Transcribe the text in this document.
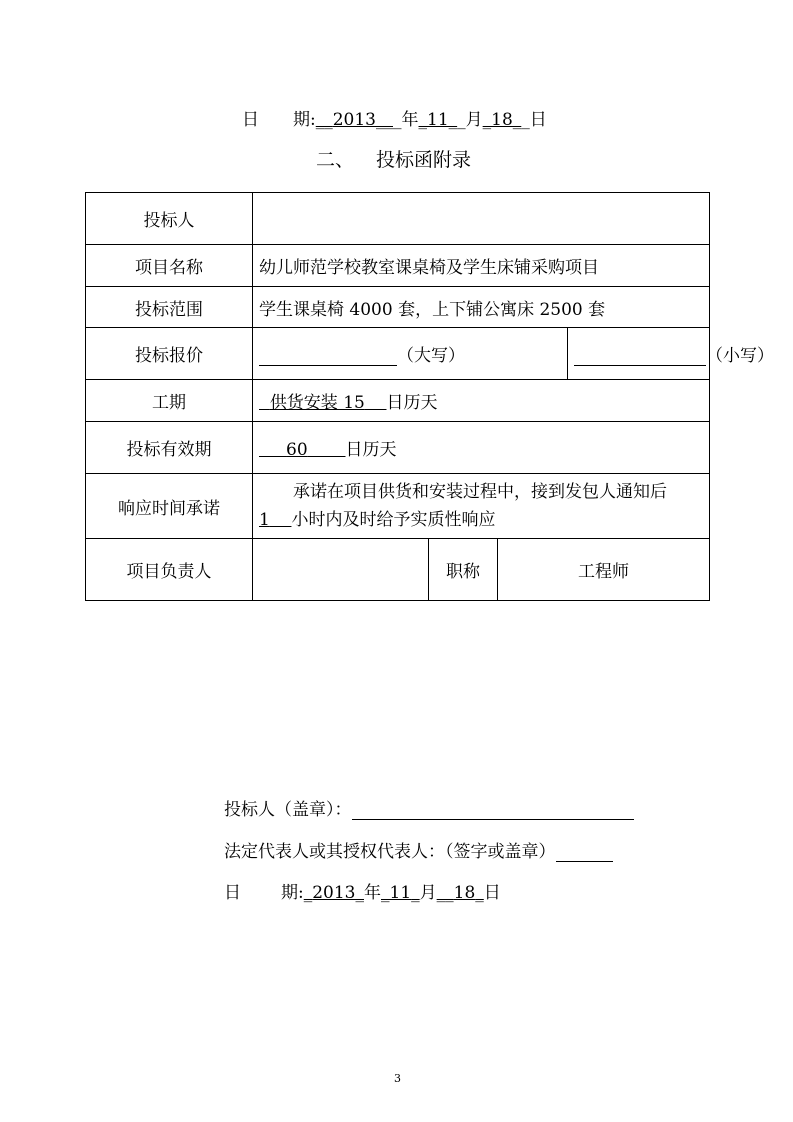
日 期:__2013___年_11__月_18__日
二、 投标函附录
投标人				
项目名称	幼儿师范学校教室课桌椅及学生床铺采购项目			
投标范围	学生课桌椅 4000 套，上下铺公寓床 2500 套			
投标报价	（大写）			（小写）
工期	供货安装 15 日历天			
投标有效期	60 日历天			
响应时间承诺	承诺在项目供货和安装过程中，接到发包人通知后
1 小时内及时给予实质性响应			

项目负责人		职称	工程师	
投标人（盖章）：
法定代表人或其授权代表人：（签字或盖章）
日 期:_2013_年_11_月__18_日
3
